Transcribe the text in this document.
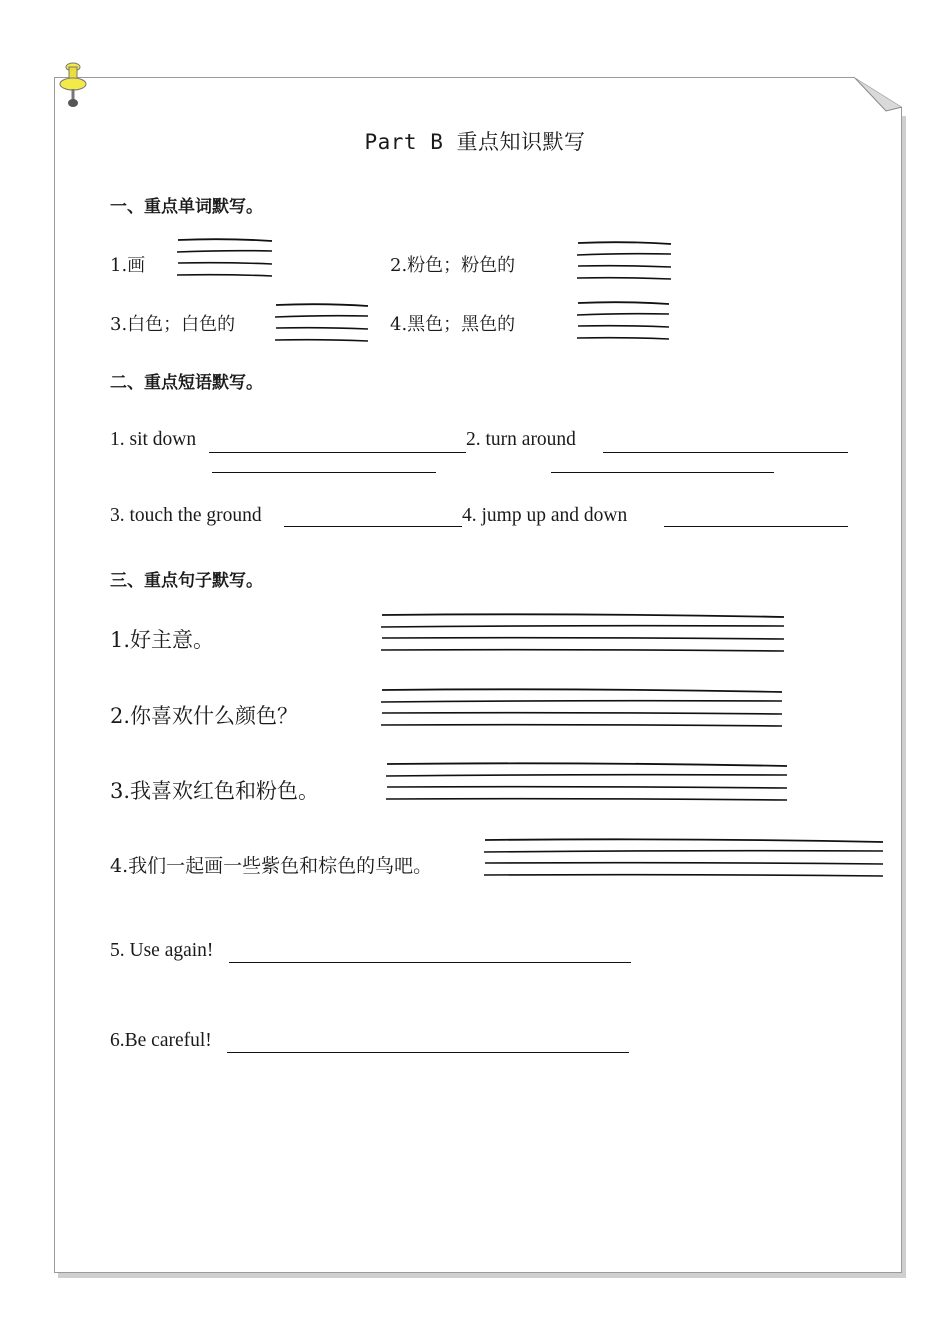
Part B 重点知识默写
一、重点单词默写。
1.画	2.粉色；粉色的
3.白色；白色的	4.黑色；黑色的
二、重点短语默写。
1. sit down	2. turn around
3. touch the ground	4. jump up and down
三、重点句子默写。
1.好主意。
2.你喜欢什么颜色？
3.我喜欢红色和粉色。
4.我们一起画一些紫色和棕色的鸟吧。
5. Use again!
6.Be careful!
